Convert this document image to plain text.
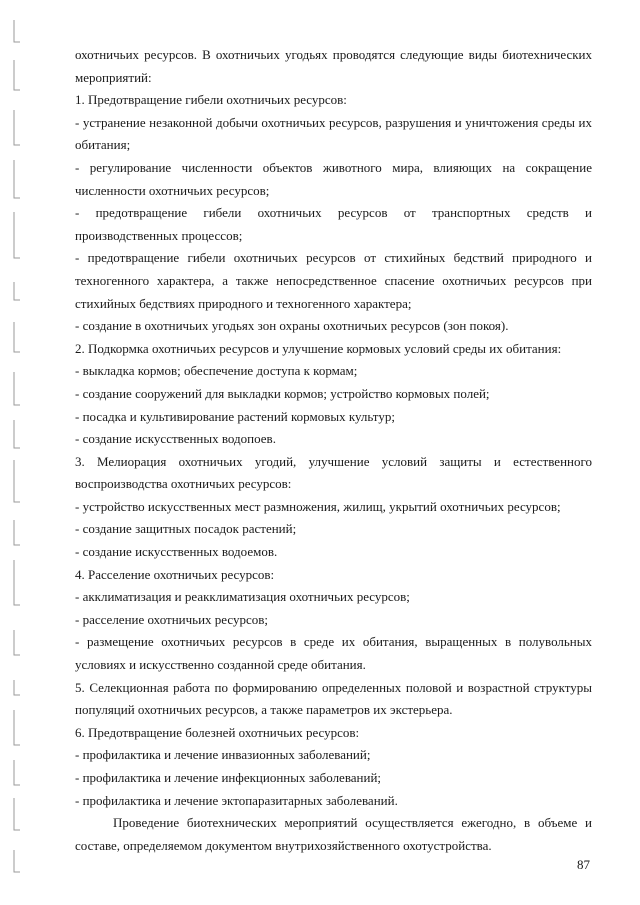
охотничьих ресурсов. В охотничьих угодьях проводятся следующие виды биотехнических мероприятий:

1. Предотвращение гибели охотничьих ресурсов:

- устранение незаконной добычи охотничьих ресурсов, разрушения и уничтожения среды их обитания;

- регулирование численности объектов животного мира, влияющих на сокращение численности охотничьих ресурсов;

- предотвращение гибели охотничьих ресурсов от транспортных средств и производственных процессов;

- предотвращение гибели охотничьих ресурсов от стихийных бедствий природного и техногенного характера, а также непосредственное спасение охотничьих ресурсов при стихийных бедствиях природного и техногенного характера;

- создание в охотничьих угодьях зон охраны охотничьих ресурсов (зон покоя).

2. Подкормка охотничьих ресурсов и улучшение кормовых условий среды их обитания:

- выкладка кормов; обеспечение доступа к кормам;

- создание сооружений для выкладки кормов; устройство кормовых полей;

- посадка и культивирование растений кормовых культур;

- создание искусственных водопоев.

3. Мелиорация охотничьих угодий, улучшение условий защиты и естественного воспроизводства охотничьих ресурсов:

- устройство искусственных мест размножения, жилищ, укрытий охотничьих ресурсов;

- создание защитных посадок растений;

- создание искусственных водоемов.

4. Расселение охотничьих ресурсов:

- акклиматизация и реакклиматизация охотничьих ресурсов;

- расселение охотничьих ресурсов;

- размещение охотничьих ресурсов в среде их обитания, выращенных в полувольных условиях и искусственно созданной среде обитания.

5. Селекционная работа по формированию определенных половой и возрастной структуры популяций охотничьих ресурсов, а также параметров их экстерьера.

6. Предотвращение болезней охотничьих ресурсов:

- профилактика и лечение инвазионных заболеваний;

- профилактика и лечение инфекционных заболеваний;

- профилактика и лечение эктопаразитарных заболеваний.

Проведение биотехнических мероприятий осуществляется ежегодно, в объеме и составе, определяемом документом внутрихозяйственного охотустройства.

87
